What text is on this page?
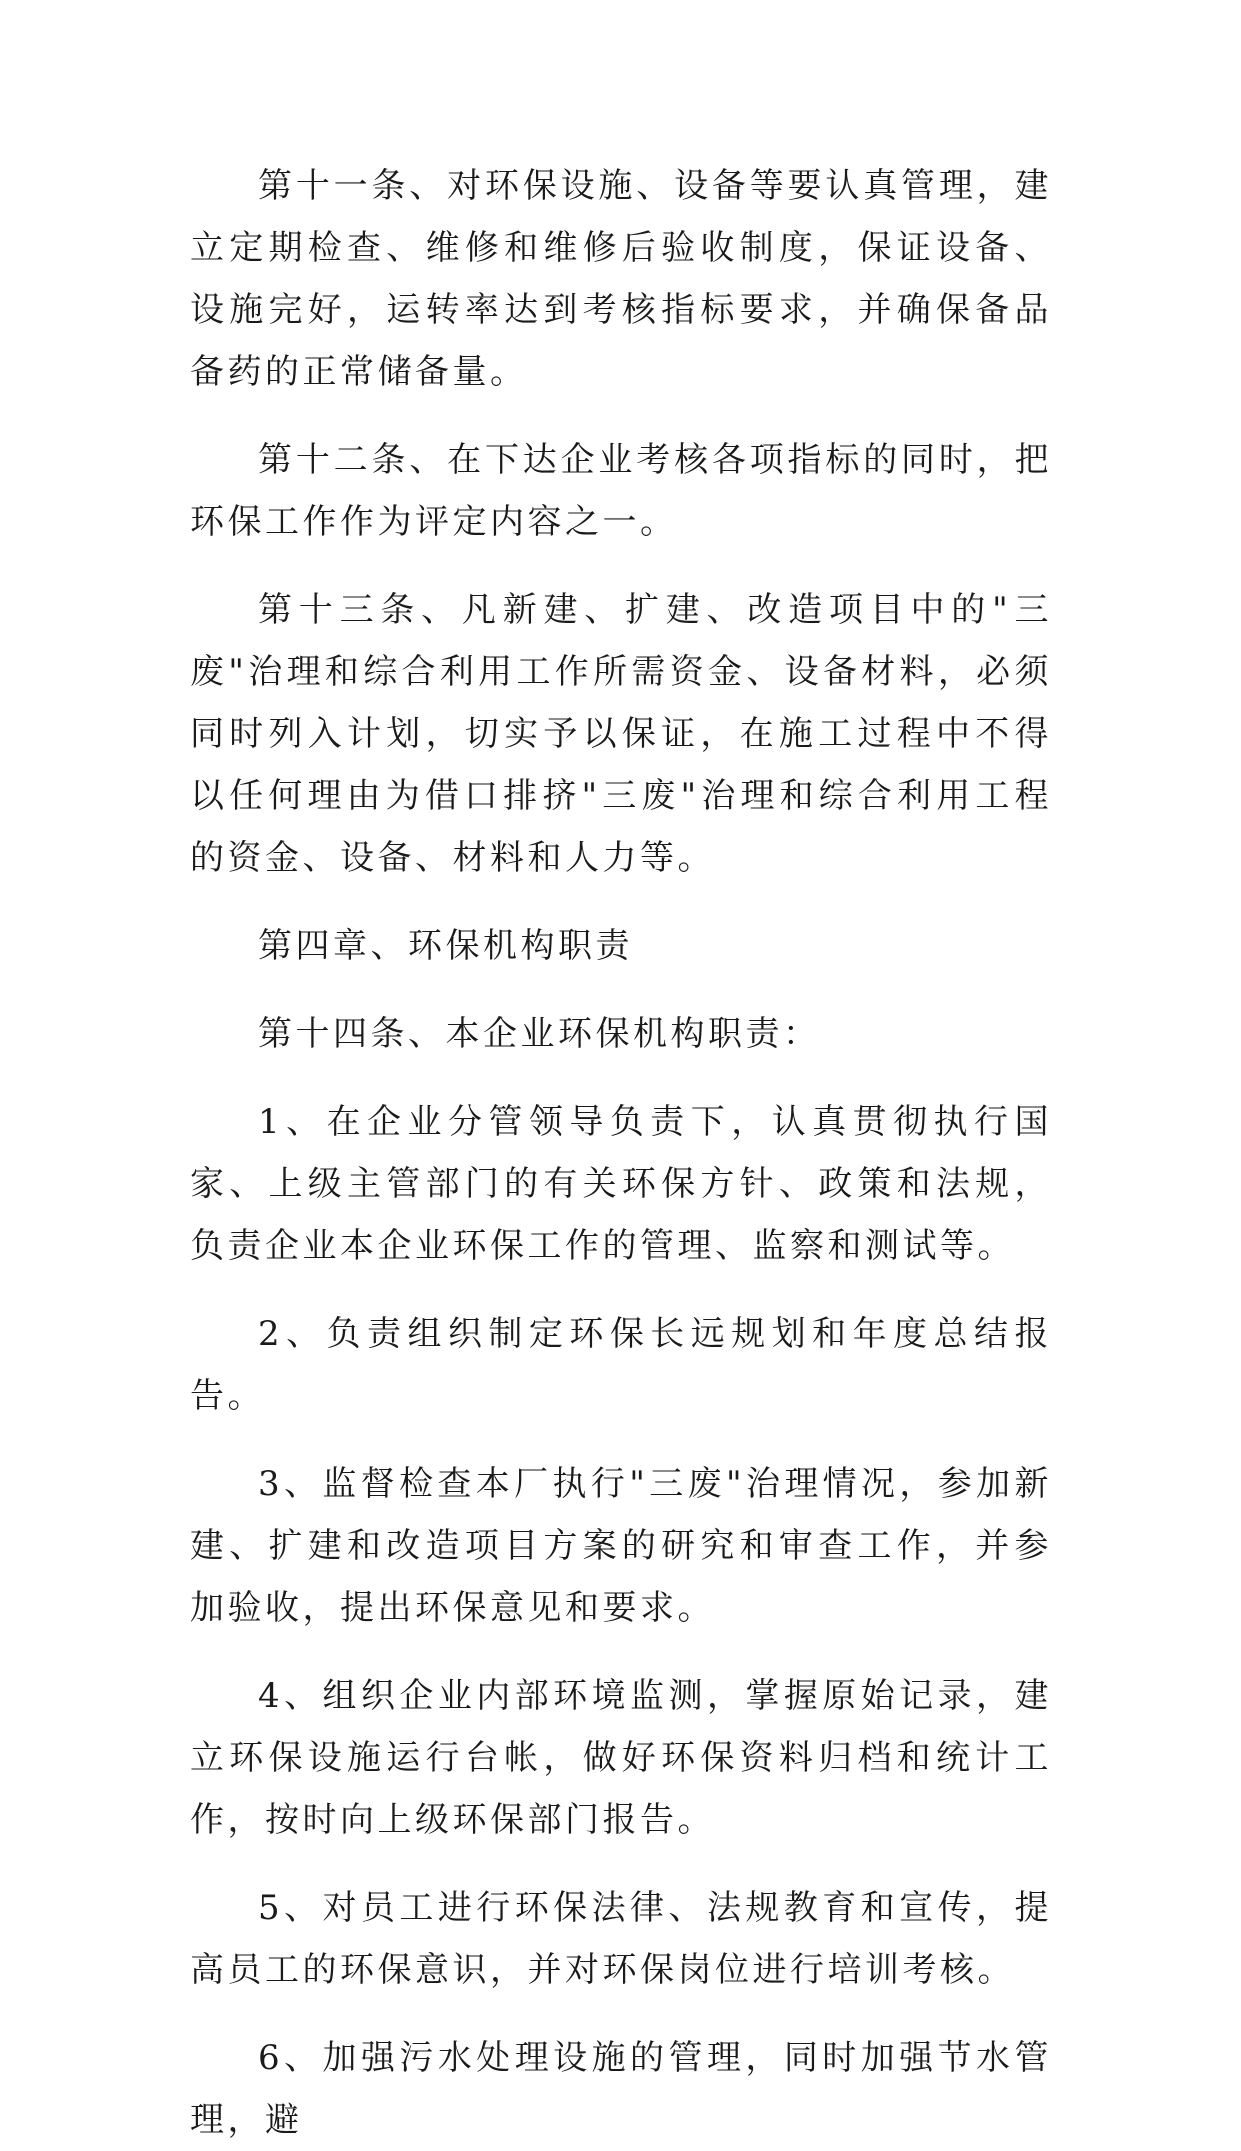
第十一条、对环保设施、设备等要认真管理，建立定期检查、维修和维修后验收制度，保证设备、设施完好，运转率达到考核指标要求，并确保备品备药的正常储备量。

第十二条、在下达企业考核各项指标的同时，把环保工作作为评定内容之一。

第十三条、凡新建、扩建、改造项目中的"三废"治理和综合利用工作所需资金、设备材料，必须同时列入计划，切实予以保证，在施工过程中不得以任何理由为借口排挤"三废"治理和综合利用工程的资金、设备、材料和人力等。

第四章、环保机构职责

第十四条、本企业环保机构职责：

1、在企业分管领导负责下，认真贯彻执行国家、上级主管部门的有关环保方针、政策和法规，负责企业本企业环保工作的管理、监察和测试等。

2、负责组织制定环保长远规划和年度总结报告。

3、监督检查本厂执行"三废"治理情况，参加新建、扩建和改造项目方案的研究和审查工作，并参加验收，提出环保意见和要求。

4、组织企业内部环境监测，掌握原始记录，建立环保设施运行台帐，做好环保资料归档和统计工作，按时向上级环保部门报告。

5、对员工进行环保法律、法规教育和宣传，提高员工的环保意识，并对环保岗位进行培训考核。

6、加强污水处理设施的管理，同时加强节水管理，避
